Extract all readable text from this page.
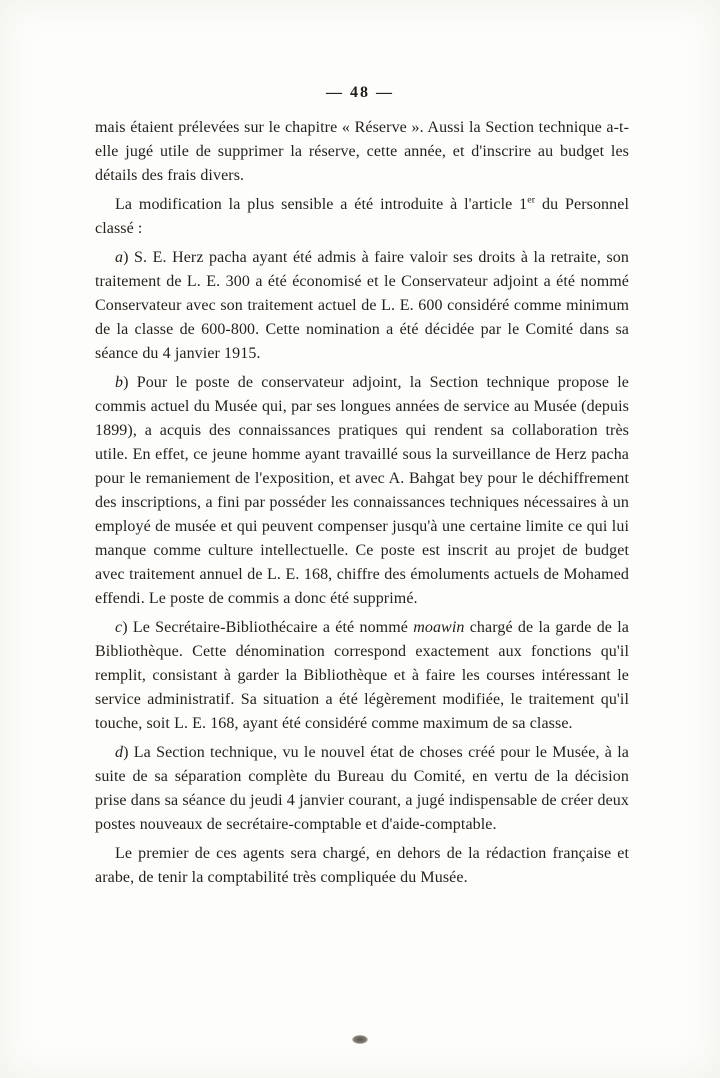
— 48 —

mais étaient prélevées sur le chapitre « Réserve ». Aussi la Section technique a-t-elle jugé utile de supprimer la réserve, cette année, et d'inscrire au budget les détails des frais divers.

La modification la plus sensible a été introduite à l'article 1er du Personnel classé :

a) S. E. Herz pacha ayant été admis à faire valoir ses droits à la retraite, son traitement de L. E. 300 a été économisé et le Conservateur adjoint a été nommé Conservateur avec son traitement actuel de L. E. 600 considéré comme minimum de la classe de 600-800. Cette nomination a été décidée par le Comité dans sa séance du 4 janvier 1915.

b) Pour le poste de conservateur adjoint, la Section technique propose le commis actuel du Musée qui, par ses longues années de service au Musée (depuis 1899), a acquis des connaissances pratiques qui rendent sa collaboration très utile. En effet, ce jeune homme ayant travaillé sous la surveillance de Herz pacha pour le remaniement de l'exposition, et avec A. Bahgat bey pour le déchiffrement des inscriptions, a fini par posséder les connaissances techniques nécessaires à un employé de musée et qui peuvent compenser jusqu'à une certaine limite ce qui lui manque comme culture intellectuelle. Ce poste est inscrit au projet de budget avec traitement annuel de L. E. 168, chiffre des émoluments actuels de Mohamed effendi. Le poste de commis a donc été supprimé.

c) Le Secrétaire-Bibliothécaire a été nommé moawin chargé de la garde de la Bibliothèque. Cette dénomination correspond exactement aux fonctions qu'il remplit, consistant à garder la Bibliothèque et à faire les courses intéressant le service administratif. Sa situation a été légèrement modifiée, le traitement qu'il touche, soit L. E. 168, ayant été considéré comme maximum de sa classe.

d) La Section technique, vu le nouvel état de choses créé pour le Musée, à la suite de sa séparation complète du Bureau du Comité, en vertu de la décision prise dans sa séance du jeudi 4 janvier courant, a jugé indispensable de créer deux postes nouveaux de secrétaire-comptable et d'aide-comptable.

Le premier de ces agents sera chargé, en dehors de la rédaction française et arabe, de tenir la comptabilité très compliquée du Musée.
